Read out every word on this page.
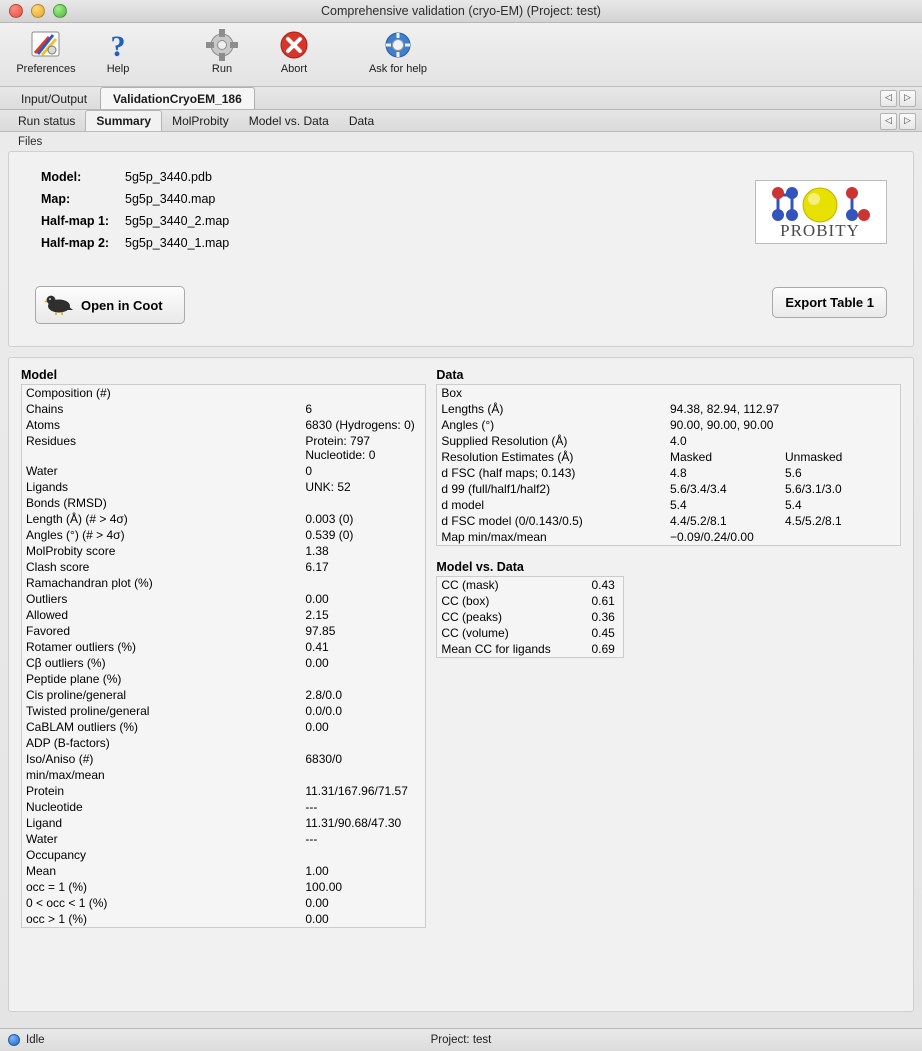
Comprehensive validation (cryo-EM) (Project: test)
Preferences
?
Help	Run	Abort	Ask for help
Input/Output	ValidationCryoEM_186	◁	▷
Run status	Summary	MolProbity	Model vs. Data	Data	◁	▷
Files
Model:	5g5p_3440.pdb
Map:	5g5p_3440.map
Half-map 1:	5g5p_3440_2.map
Half-map 2:	5g5p_3440_1.map
PROBITY
Open in Coot	Export Table 1
Model
Composition (#)	
Chains	6
Atoms	6830 (Hydrogens: 0)
Residues	Protein: 797 Nucleotide: 0
Water	0
Ligands	UNK: 52
Bonds (RMSD)	
Length (Å) (# > 4σ)	0.003 (0)
Angles (°) (# > 4σ)	0.539 (0)
MolProbity score	1.38
Clash score	6.17
Ramachandran plot (%)	
Outliers	0.00
Allowed	2.15
Favored	97.85
Rotamer outliers (%)	0.41
Cβ outliers (%)	0.00
Peptide plane (%)	
Cis proline/general	2.8/0.0
Twisted proline/general	0.0/0.0
CaBLAM outliers (%)	0.00
ADP (B-factors)	
Iso/Aniso (#)	6830/0
min/max/mean	
Protein	11.31/167.96/71.57
Nucleotide	---
Ligand	11.31/90.68/47.30
Water	---
Occupancy	
Mean	1.00
occ = 1 (%)	100.00
0 < occ < 1 (%)	0.00
occ > 1 (%)	0.00
Data
Box		
Lengths (Å)	94.38, 82.94, 112.97	
Angles (°)	90.00, 90.00, 90.00	
Supplied Resolution (Å)	4.0	
Resolution Estimates (Å)	Masked	Unmasked
d FSC (half maps; 0.143)	4.8	5.6
d 99 (full/half1/half2)	5.6/3.4/3.4	5.6/3.1/3.0
d model	5.4	5.4
d FSC model (0/0.143/0.5)	4.4/5.2/8.1	4.5/5.2/8.1
Map min/max/mean	−0.09/0.24/0.00	
Model vs. Data
CC (mask)	0.43
CC (box)	0.61
CC (peaks)	0.36
CC (volume)	0.45
Mean CC for ligands	0.69
Idle	Project: test
